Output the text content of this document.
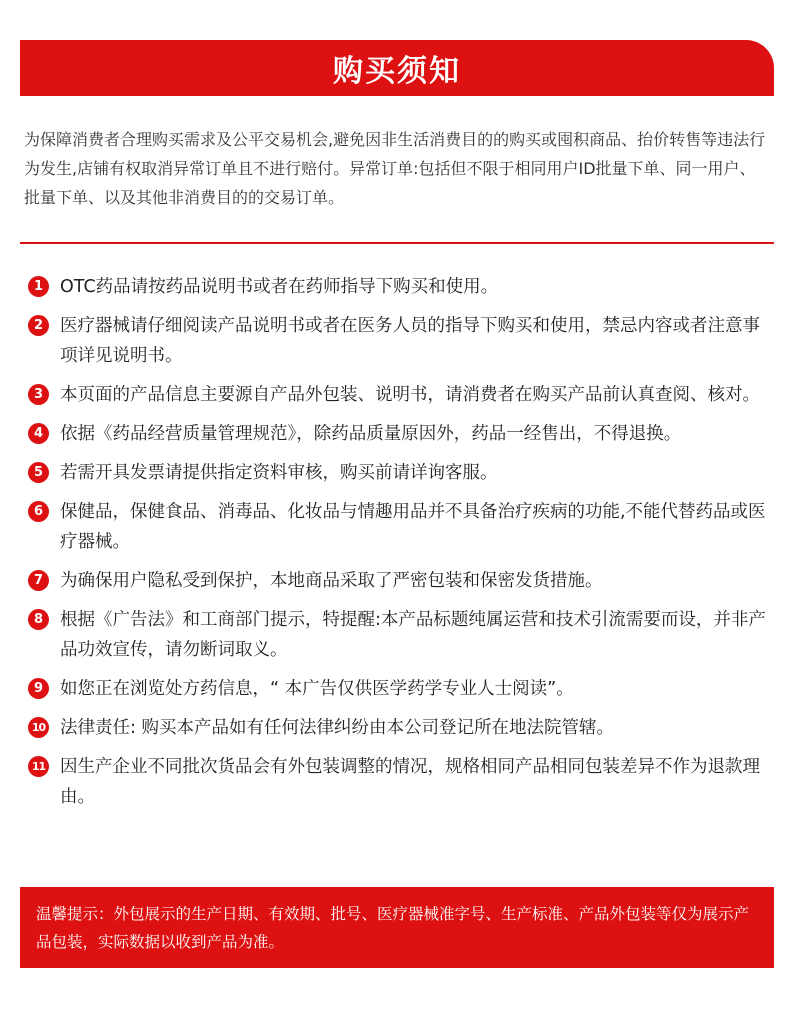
购买须知
为保障消费者合理购买需求及公平交易机会,避免因非生活消费目的的购买或囤积商品、抬价转售等违法行为发生,店铺有权取消异常订单且不进行赔付。异常订单:包括但不限于相同用户ID批量下单、同一用户、批量下单、以及其他非消费目的的交易订单。
1 OTC药品请按药品说明书或者在药师指导下购买和使用。
2 医疗器械请仔细阅读产品说明书或者在医务人员的指导下购买和使用，禁忌内容或者注意事项详见说明书。
3 本页面的产品信息主要源自产品外包装、说明书，请消费者在购买产品前认真查阅、核对。
4 依据《药品经营质量管理规范》，除药品质量原因外，药品一经售出，不得退换。
5 若需开具发票请提供指定资料审核，购买前请详询客服。
6 保健品，保健食品、消毒品、化妆品与情趣用品并不具备治疗疾病的功能,不能代替药品或医疗器械。
7 为确保用户隐私受到保护，本地商品采取了严密包装和保密发货措施。
8 根据《广告法》和工商部门提示，特提醒:本产品标题纯属运营和技术引流需要而设，并非产品功效宣传，请勿断词取义。
9 如您正在浏览处方药信息，“ 本广告仅供医学药学专业人士阅读”。
10 法律责任: 购买本产品如有任何法律纠纷由本公司登记所在地法院管辖。
11 因生产企业不同批次货品会有外包装调整的情况，规格相同产品相同包装差异不作为退款理由。
温馨提示：外包展示的生产日期、有效期、批号、医疗器械准字号、生产标准、产品外包装等仅为展示产品包装，实际数据以收到产品为准。
